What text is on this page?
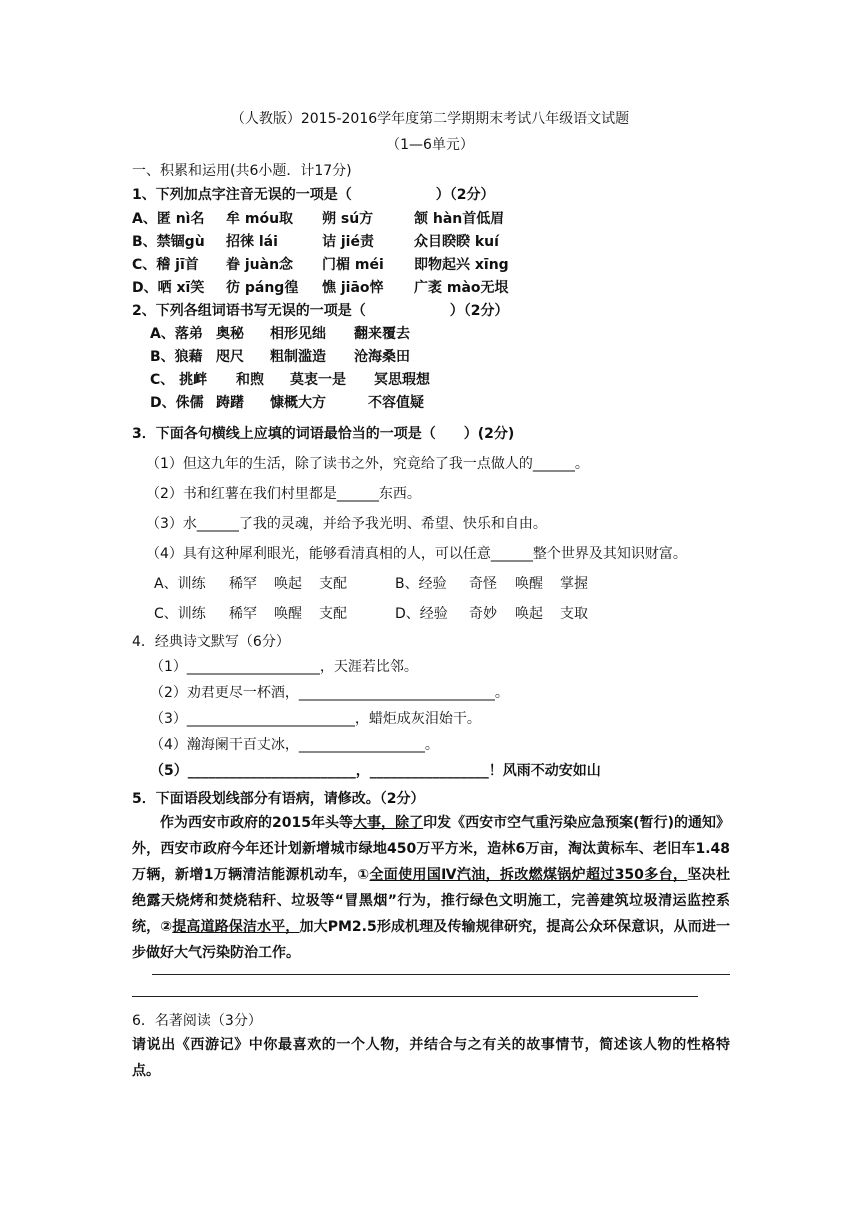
（人教版）2015-2016学年度第二学期期末考试八年级语文试题
（1—6单元）
一、积累和运用(共6小题．计17分)
1、下列加点字注音无误的一项是（　　　　　　）（2分）
A、匿 nì名 牟 móu取 朔 sú方	颔 hàn首低眉
B、禁锢gù 招徕 lái	诘 jié责	众目睽睽 kuí
C、稽 jī首 眷 juàn念 门楣 méi 即物起兴 xīng
D、哂 xī笑 彷 páng徨 憔 jiāo悴 广袤 mào无垠
2、下列各组词语书写无误的一项是（　　　　　　）（2分）
A、落弟 奥秘 相形见绌 翻来覆去
B、狼藉 咫尺 粗制滥造 沧海桑田
C、 挑衅 和煦 莫衷一是 冥思瑕想
D、侏儒 踌躇 慷概大方	不容值疑
3．下面各句横线上应填的词语最恰当的一项是（　　）(2分)
（1）但这九年的生活，除了读书之外，究竟给了我一点做人的______。
（2）书和红薯在我们村里都是______东西。
（3）水______了我的灵魂，并给予我光明、希望、快乐和自由。
（4）具有这种犀利眼光，能够看清真相的人，可以任意______整个世界及其知识财富。
A、训练 稀罕 唤起 支配	B、经验 奇怪 唤醒 掌握
C、训练 稀罕 唤醒 支配	D、经验 奇妙 唤起 支取
4．经典诗文默写（6分）
（1）___________________，天涯若比邻。
（2）劝君更尽一杯酒，____________________________。
（3）________________________，蜡炬成灰泪始干。
（4）瀚海阑干百丈冰，__________________。
（5）________________________，_________________！风雨不动安如山
5．下面语段划线部分有语病，请修改。（2分）
作为西安市政府的2015年头等大事，除了印发《西安市空气重污染应急预案(暂行)的通知》外，西安市政府今年还计划新增城市绿地450万平方米，造林6万亩，淘汰黄标车、老旧车1.48万辆，新增1万辆清洁能源机动车，①全面使用国Ⅳ汽油，拆改燃煤锅炉超过350多台，坚决杜绝露天烧烤和焚烧秸秆、垃圾等“冒黑烟”行为，推行绿色文明施工，完善建筑垃圾清运监控系统，②提高道路保洁水平，加大PM2.5形成机理及传输规律研究，提高公众环保意识，从而进一步做好大气污染防治工作。
6．名著阅读（3分）
请说出《西游记》中你最喜欢的一个人物，并结合与之有关的故事情节，简述该人物的性格特点。
